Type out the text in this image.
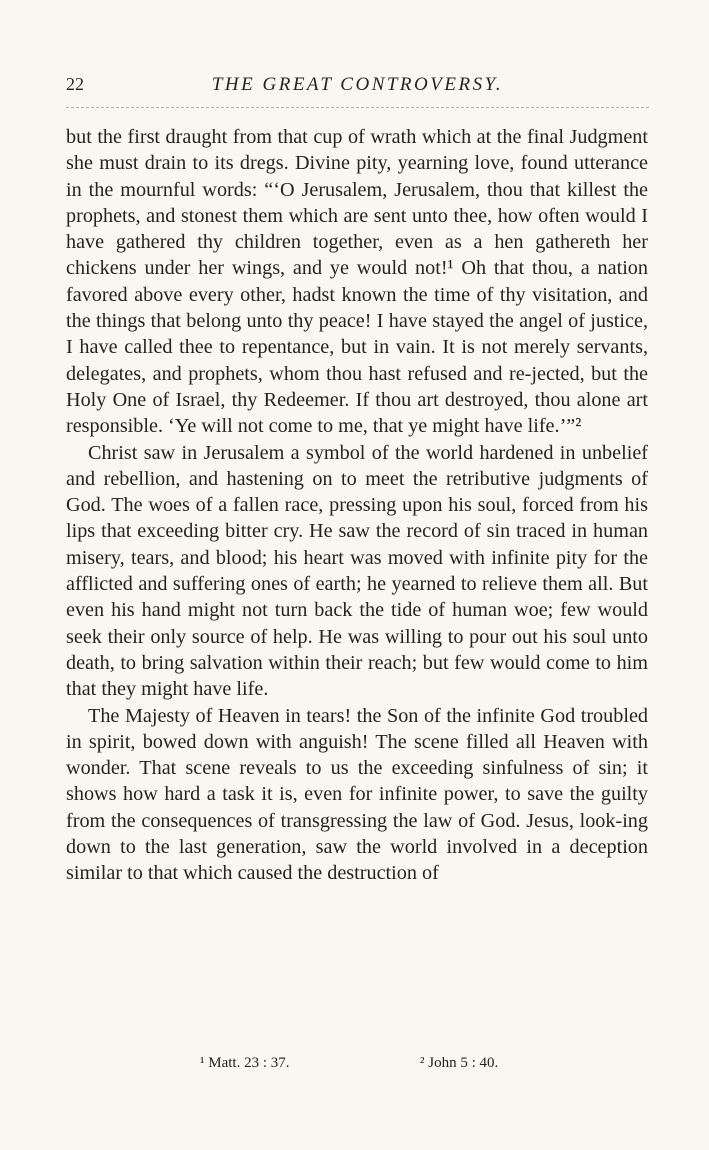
22	THE GREAT CONTROVERSY.

but the first draught from that cup of wrath which at the final Judgment she must drain to its dregs. Divine pity, yearning love, found utterance in the mournful words: “‘O Jerusalem, Jerusalem, thou that killest the prophets, and stonest them which are sent unto thee, how often would I have gathered thy children together, even as a hen gathereth her chickens under her wings, and ye would not!¹ Oh that thou, a nation favored above every other, hadst known the time of thy visitation, and the things that belong unto thy peace! I have stayed the angel of justice, I have called thee to repentance, but in vain. It is not merely servants, delegates, and prophets, whom thou hast refused and re-jected, but the Holy One of Israel, thy Redeemer. If thou art destroyed, thou alone art responsible. ‘Ye will not come to me, that ye might have life.’”²

Christ saw in Jerusalem a symbol of the world hardened in unbelief and rebellion, and hastening on to meet the retributive judgments of God. The woes of a fallen race, pressing upon his soul, forced from his lips that exceeding bitter cry. He saw the record of sin traced in human misery, tears, and blood; his heart was moved with infinite pity for the afflicted and suffering ones of earth; he yearned to relieve them all. But even his hand might not turn back the tide of human woe; few would seek their only source of help. He was willing to pour out his soul unto death, to bring salvation within their reach; but few would come to him that they might have life.

The Majesty of Heaven in tears! the Son of the infinite God troubled in spirit, bowed down with anguish! The scene filled all Heaven with wonder. That scene reveals to us the exceeding sinfulness of sin; it shows how hard a task it is, even for infinite power, to save the guilty from the consequences of transgressing the law of God. Jesus, look-ing down to the last generation, saw the world involved in a deception similar to that which caused the destruction of

¹ Matt. 23 : 37.	² John 5 : 40.
